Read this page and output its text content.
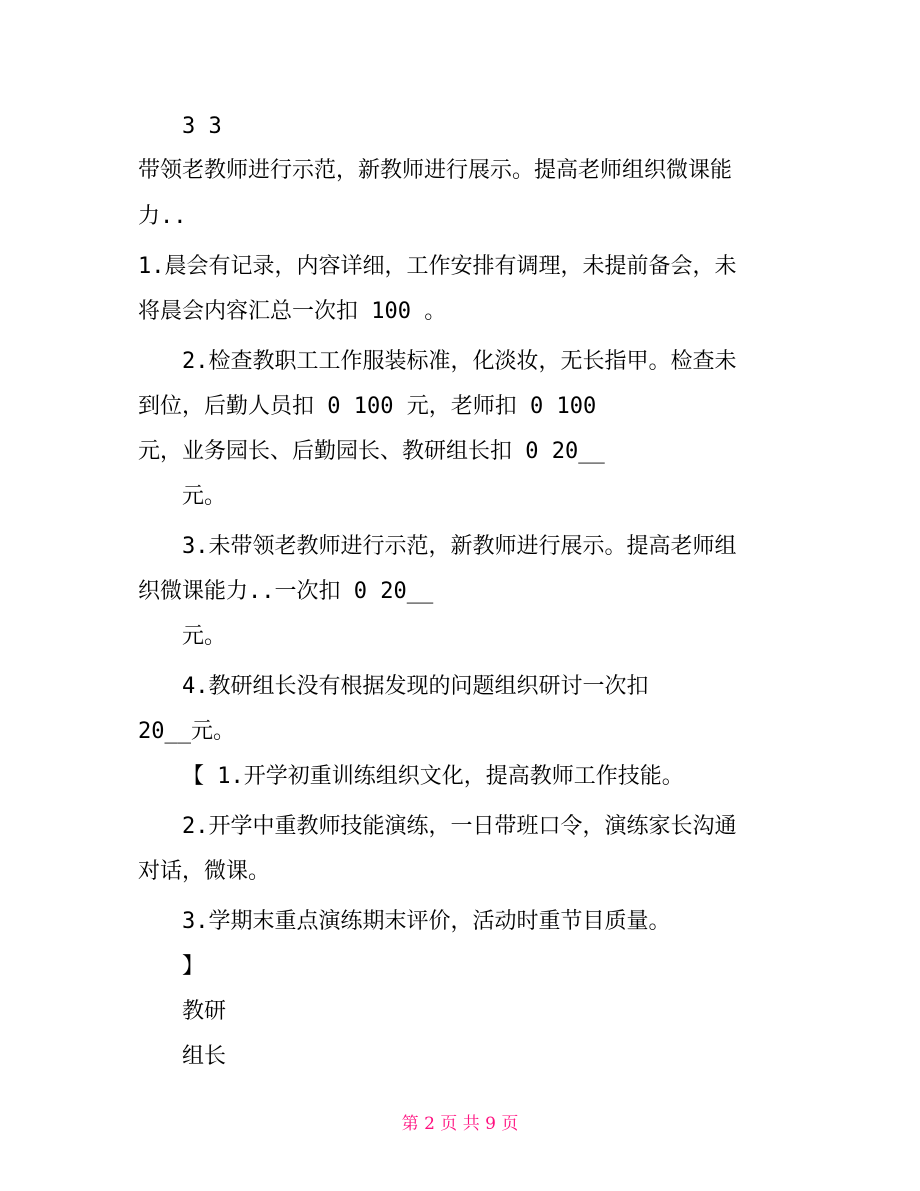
3 3

带领老教师进行示范，新教师进行展示。提高老师组织微课能

力..

1.晨会有记录，内容详细，工作安排有调理，未提前备会，未

将晨会内容汇总一次扣 100 。

2.检查教职工工作服装标准，化淡妆，无长指甲。检查未

到位，后勤人员扣 0 100 元，老师扣 0 100

元，业务园长、后勤园长、教研组长扣 0 20__

元。

3.未带领老教师进行示范，新教师进行展示。提高老师组

织微课能力..一次扣 0 20__

元。

4.教研组长没有根据发现的问题组织研讨一次扣

20__元。

【 1.开学初重训练组织文化，提高教师工作技能。

2.开学中重教师技能演练，一日带班口令，演练家长沟通

对话，微课。

3.学期末重点演练期末评价，活动时重节目质量。

】

教研

组长

第 2 页 共 9 页
